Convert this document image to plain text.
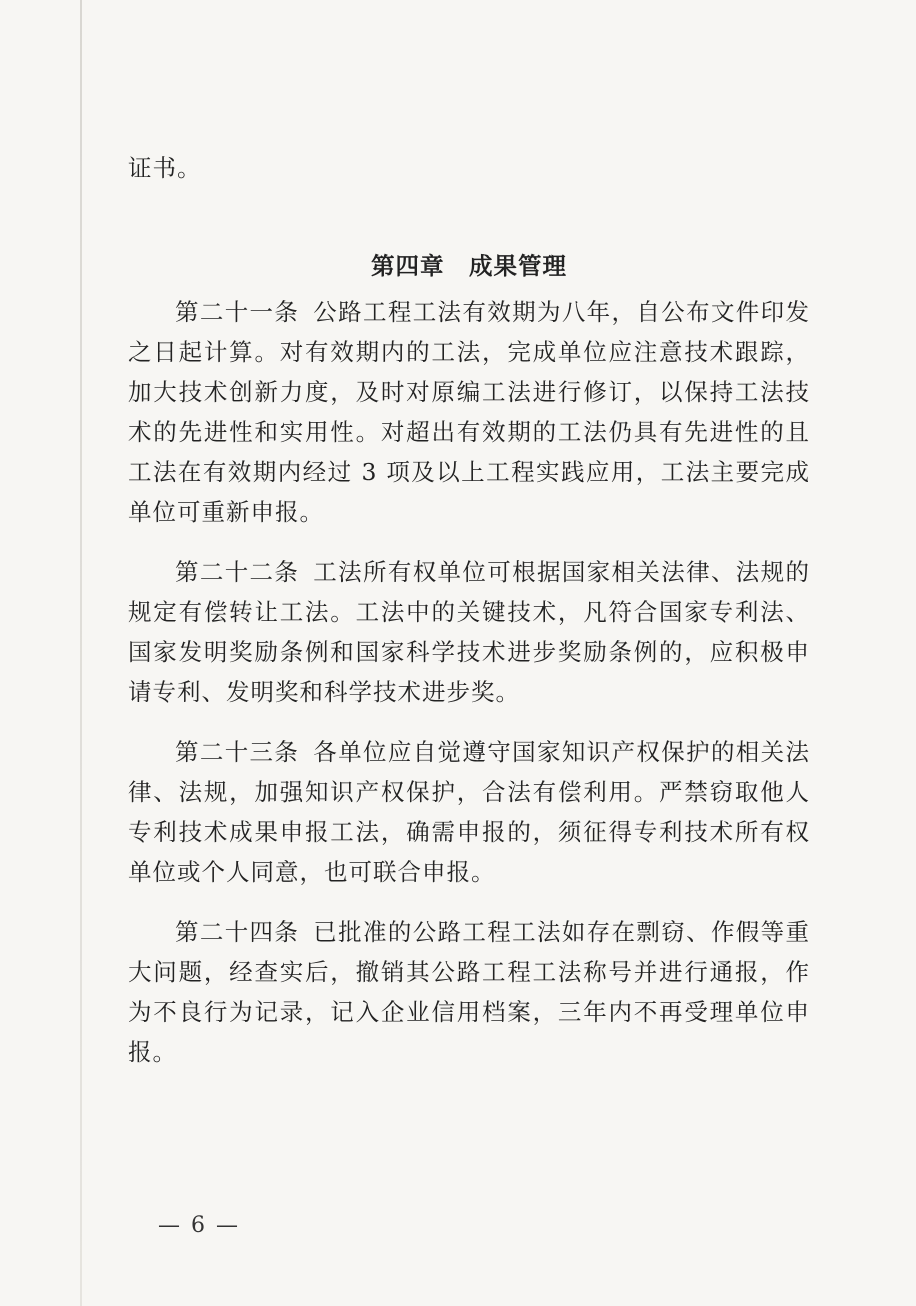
证书。

第四章　成果管理

第二十一条 公路工程工法有效期为八年，自公布文件印发之日起计算。对有效期内的工法，完成单位应注意技术跟踪，加大技术创新力度，及时对原编工法进行修订，以保持工法技术的先进性和实用性。对超出有效期的工法仍具有先进性的且工法在有效期内经过 3 项及以上工程实践应用，工法主要完成单位可重新申报。

第二十二条 工法所有权单位可根据国家相关法律、法规的规定有偿转让工法。工法中的关键技术，凡符合国家专利法、国家发明奖励条例和国家科学技术进步奖励条例的，应积极申请专利、发明奖和科学技术进步奖。

第二十三条 各单位应自觉遵守国家知识产权保护的相关法律、法规，加强知识产权保护，合法有偿利用。严禁窃取他人专利技术成果申报工法，确需申报的，须征得专利技术所有权单位或个人同意，也可联合申报。

第二十四条 已批准的公路工程工法如存在剽窃、作假等重大问题，经查实后，撤销其公路工程工法称号并进行通报，作为不良行为记录，记入企业信用档案，三年内不再受理单位申报。

— 6 —
